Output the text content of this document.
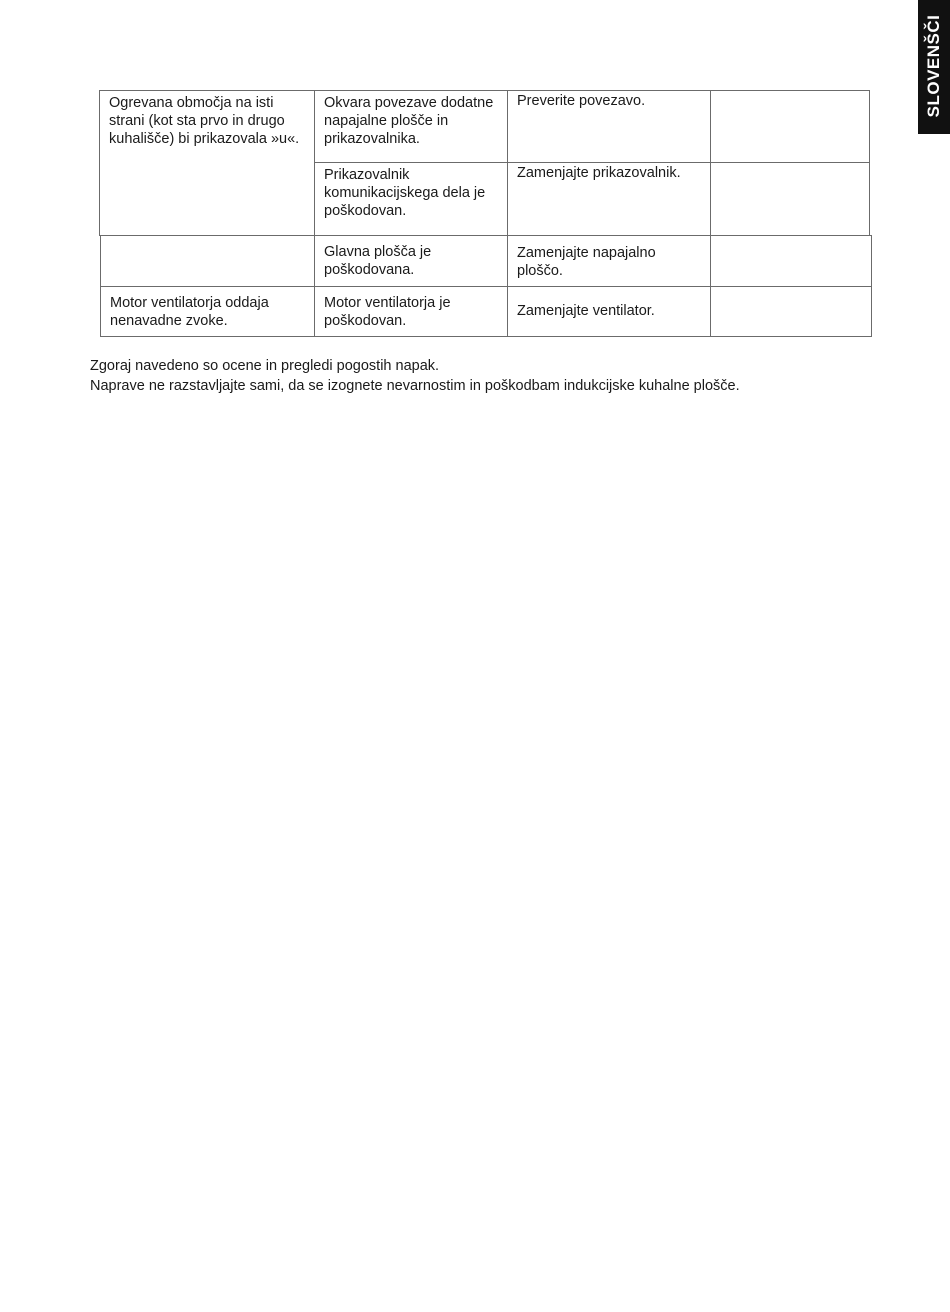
SLOVENŠČI
Ogrevana območja na isti strani (kot sta prvo in drugo kuhališče) bi prikazovala »u«.
Okvara povezave dodatne napajalne plošče in prikazovalnika.
Preverite povezavo.
Prikazovalnik komunikacijskega dela je poškodovan.
Zamenjajte prikazovalnik.
Glavna plošča je poškodovana.
Zamenjajte napajalno ploščo.
Motor ventilatorja oddaja nenavadne zvoke.
Motor ventilatorja je poškodovan.
Zamenjajte ventilator.
Zgoraj navedeno so ocene in pregledi pogostih napak.
Naprave ne razstavljajte sami, da se izognete nevarnostim in poškodbam indukcijske kuhalne plošče.
